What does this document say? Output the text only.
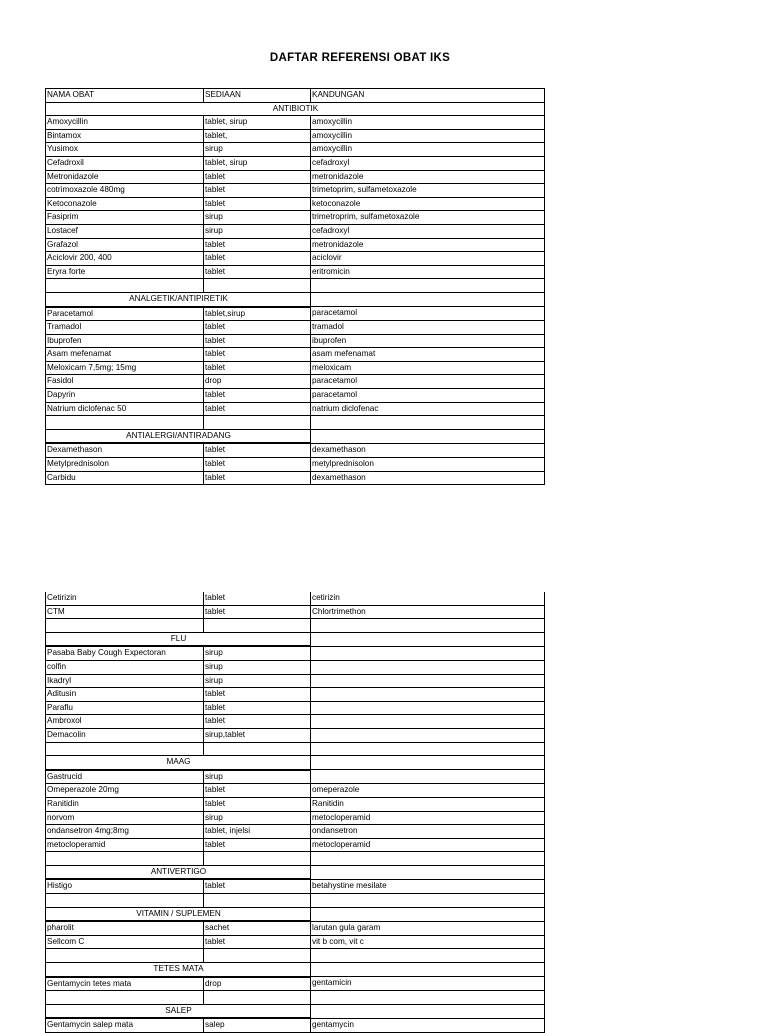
DAFTAR REFERENSI OBAT IKS
NAMA OBAT	SEDIAAN	KANDUNGAN
ANTIBIOTIK		
Amoxycillin	tablet, sirup	amoxycillin
Bintamox	tablet,	amoxycillin
Yusimox	sirup	amoxycillin
Cefadroxil	tablet, sirup	cefadroxyl
Metronidazole	tablet	metronidazole
cotrimoxazole 480mg	tablet	trimetoprim, sulfametoxazole
Ketoconazole	tablet	ketoconazole
Fasiprim	sirup	trimetroprim, sulfametoxazole
Lostacef	sirup	cefadroxyl
Grafazol	tablet	metronidazole
Aciclovir 200, 400	tablet	aciclovir
Eryra forte	tablet	eritromicin

ANALGETIK/ANTIPIRETIK		
Paracetamol	tablet,sirup	paracetamol
Tramadol	tablet	tramadol
Ibuprofen	tablet	ibuprofen
Asam mefenamat	tablet	asam mefenamat
Meloxicam 7,5mg; 15mg	tablet	meloxicam
Fasidol	drop	paracetamol
Dapyrin	tablet	paracetamol
Natrium diclofenac 50	tablet	natrium diclofenac

ANTIALERGI/ANTIRADANG		
Dexamethason	tablet	dexamethason
Metylprednisolon	tablet	metylprednisolon
Carbidu	tablet	dexamethason
Cetirizin	tablet	cetirizin
CTM	tablet	Chlortrimethon

FLU		
Pasaba Baby Cough Expectoran	sirup	
colfin	sirup	
Ikadryl	sirup	
Aditusin	tablet	
Paraflu	tablet	
Ambroxol	tablet	
Demacolin	sirup,tablet	

MAAG		
Gastrucid	sirup	
Omeperazole 20mg	tablet	omeperazole
Ranitidin	tablet	Ranitidin
norvom	sirup	metocloperamid
ondansetron 4mg;8mg	tablet, injelsi	ondansetron
metocloperamid	tablet	metocloperamid

ANTIVERTIGO		
Histigo	tablet	betahystine mesilate

VITAMIN / SUPLEMEN		
pharolit	sachet	larutan gula garam
Sellcom C	tablet	vit b com, vit c

TETES MATA		
Gentamycin tetes mata	drop	gentamicin

SALEP		
Gentamycin salep mata	salep	gentamycin
